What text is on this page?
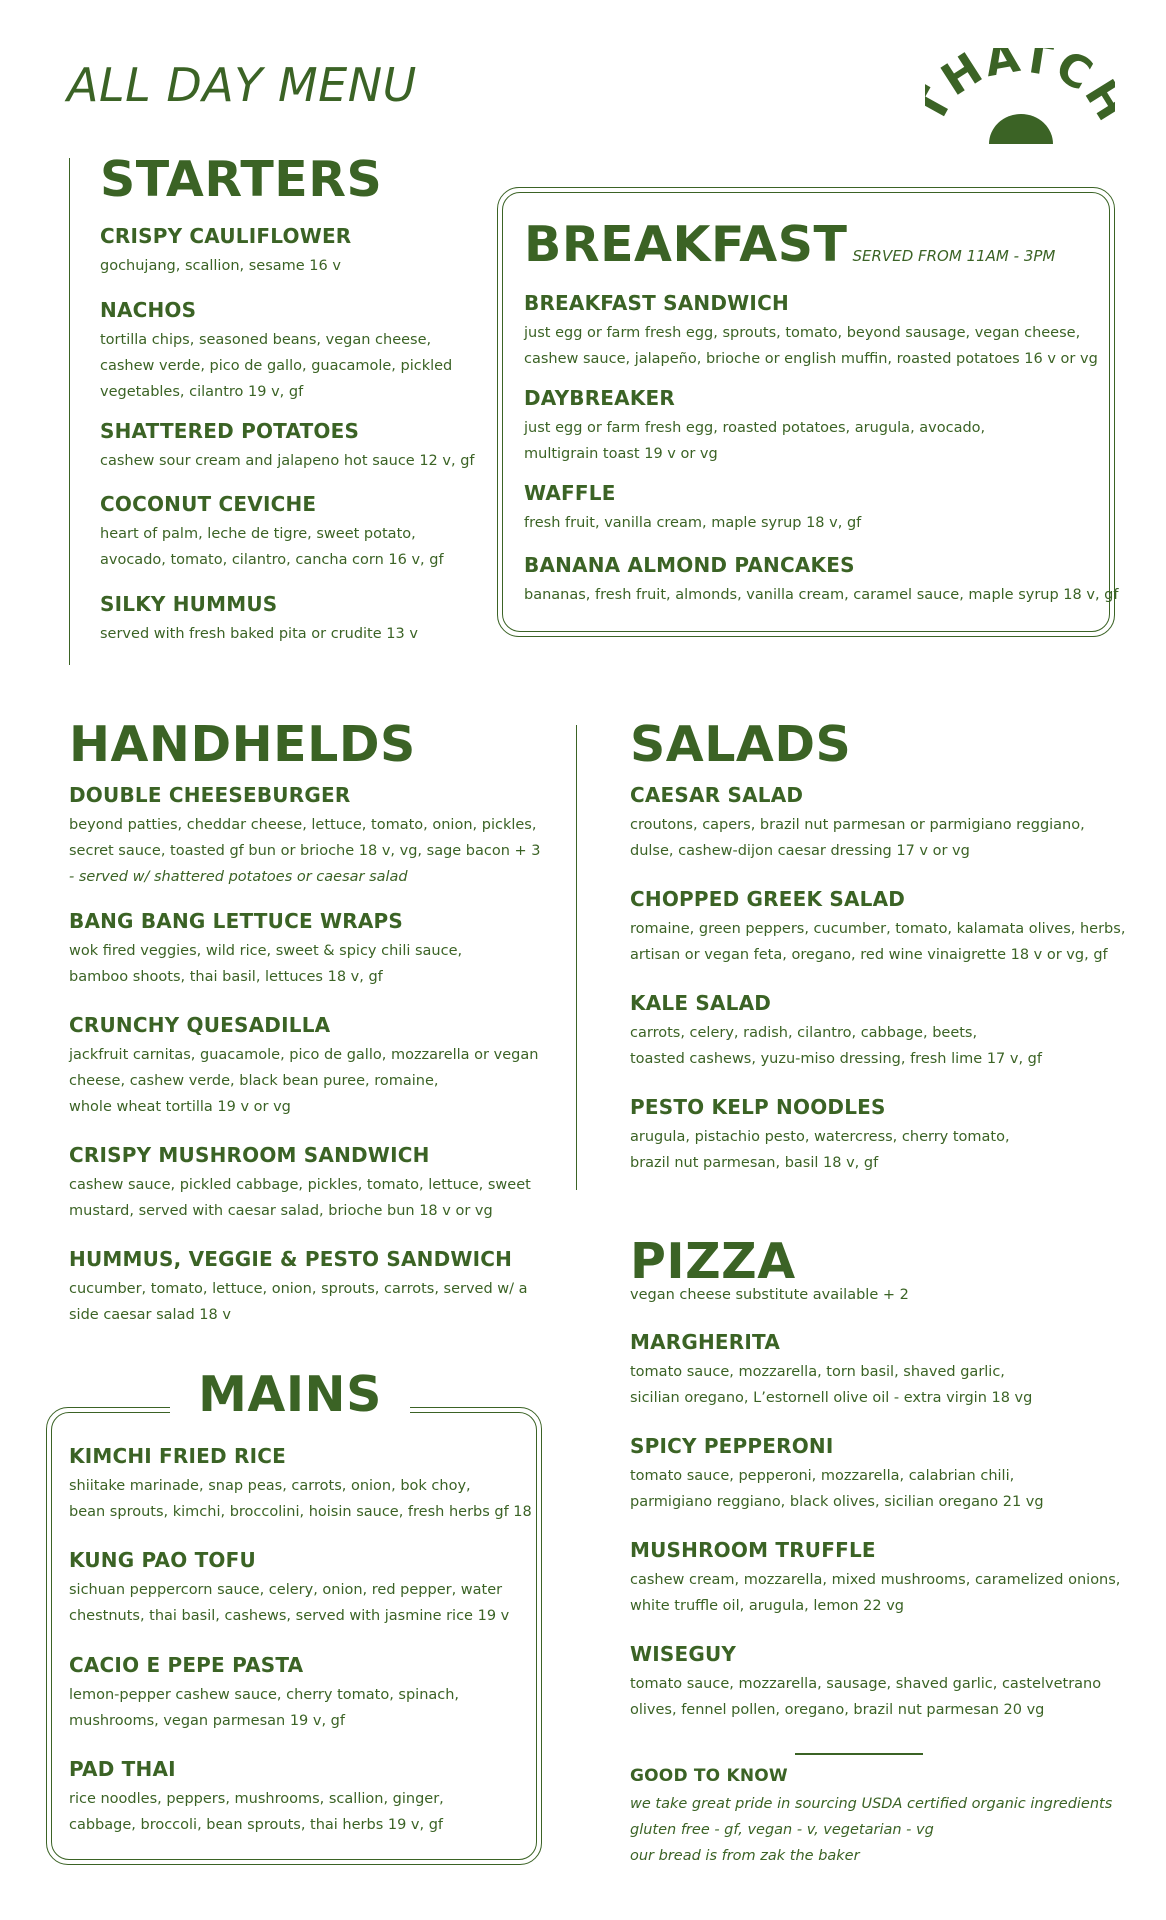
ALL DAY MENU	HATC
STARTERS
CRISPY CAULIFLOWER

gochujang, scallion, sesame 16 v

NACHOS

tortilla chips, seasoned beans, vegan cheese,

cashew verde, pico de gallo, guacamole, pickled

vegetables, cilantro 19 v, gf

SHATTERED POTATOES

cashew sour cream and jalapeno hot sauce 12 v, gf

COCONUT CEVICHE

heart of palm, leche de tigre, sweet potato,

avocado, tomato, cilantro, cancha corn 16 v, gf

SILKY HUMMUS

served with fresh baked pita or crudite 13 v

BREAKFAST SERVED FROM 11AM - 3PM
BREAKFAST SANDWICH

just egg or farm fresh egg, sprouts, tomato, beyond sausage, vegan cheese,

cashew sauce, jalapeño, brioche or english muffin, roasted potatoes 16 v or vg

DAYBREAKER

just egg or farm fresh egg, roasted potatoes, arugula, avocado,

multigrain toast 19 v or vg

WAFFLE

fresh fruit, vanilla cream, maple syrup 18 v, gf

BANANA ALMOND PANCAKES

bananas, fresh fruit, almonds, vanilla cream, caramel sauce, maple syrup 18 v, gf

HANDHELDS
DOUBLE CHEESEBURGER

beyond patties, cheddar cheese, lettuce, tomato, onion, pickles,

secret sauce, toasted gf bun or brioche 18 v, vg, sage bacon + 3

- served w/ shattered potatoes or caesar salad

BANG BANG LETTUCE WRAPS

wok fired veggies, wild rice, sweet & spicy chili sauce,

bamboo shoots, thai basil, lettuces 18 v, gf

CRUNCHY QUESADILLA

jackfruit carnitas, guacamole, pico de gallo, mozzarella or vegan

cheese, cashew verde, black bean puree, romaine,

whole wheat tortilla 19 v or vg

CRISPY MUSHROOM SANDWICH

cashew sauce, pickled cabbage, pickles, tomato, lettuce, sweet

mustard, served with caesar salad, brioche bun 18 v or vg

HUMMUS, VEGGIE & PESTO SANDWICH

cucumber, tomato, lettuce, onion, sprouts, carrots, served w/ a

side caesar salad 18 v

SALADS
CAESAR SALAD

croutons, capers, brazil nut parmesan or parmigiano reggiano,

dulse, cashew-dijon caesar dressing 17 v or vg

CHOPPED GREEK SALAD

romaine, green peppers, cucumber, tomato, kalamata olives, herbs,

artisan or vegan feta, oregano, red wine vinaigrette 18 v or vg, gf

KALE SALAD

carrots, celery, radish, cilantro, cabbage, beets,

toasted cashews, yuzu-miso dressing, fresh lime 17 v, gf

PESTO KELP NOODLES

arugula, pistachio pesto, watercress, cherry tomato,

brazil nut parmesan, basil 18 v, gf

PIZZA

vegan cheese substitute available + 2

MARGHERITA

tomato sauce, mozzarella, torn basil, shaved garlic,

sicilian oregano, L’estornell olive oil - extra virgin 18 vg

SPICY PEPPERONI

tomato sauce, pepperoni, mozzarella, calabrian chili,

parmigiano reggiano, black olives, sicilian oregano 21 vg

MUSHROOM TRUFFLE

cashew cream, mozzarella, mixed mushrooms, caramelized onions,

white truffle oil, arugula, lemon 22 vg

WISEGUY

tomato sauce, mozzarella, sausage, shaved garlic, castelvetrano

olives, fennel pollen, oregano, brazil nut parmesan 20 vg

GOOD TO KNOW

we take great pride in sourcing USDA certified organic ingredients

gluten free - gf, vegan - v, vegetarian - vg

our bread is from zak the baker

MAINS
KIMCHI FRIED RICE

shiitake marinade, snap peas, carrots, onion, bok choy,

bean sprouts, kimchi, broccolini, hoisin sauce, fresh herbs gf 18

KUNG PAO TOFU

sichuan peppercorn sauce, celery, onion, red pepper, water

chestnuts, thai basil, cashews, served with jasmine rice 19 v

CACIO E PEPE PASTA

lemon-pepper cashew sauce, cherry tomato, spinach,

mushrooms, vegan parmesan 19 v, gf

PAD THAI

rice noodles, peppers, mushrooms, scallion, ginger,

cabbage, broccoli, bean sprouts, thai herbs 19 v, gf
